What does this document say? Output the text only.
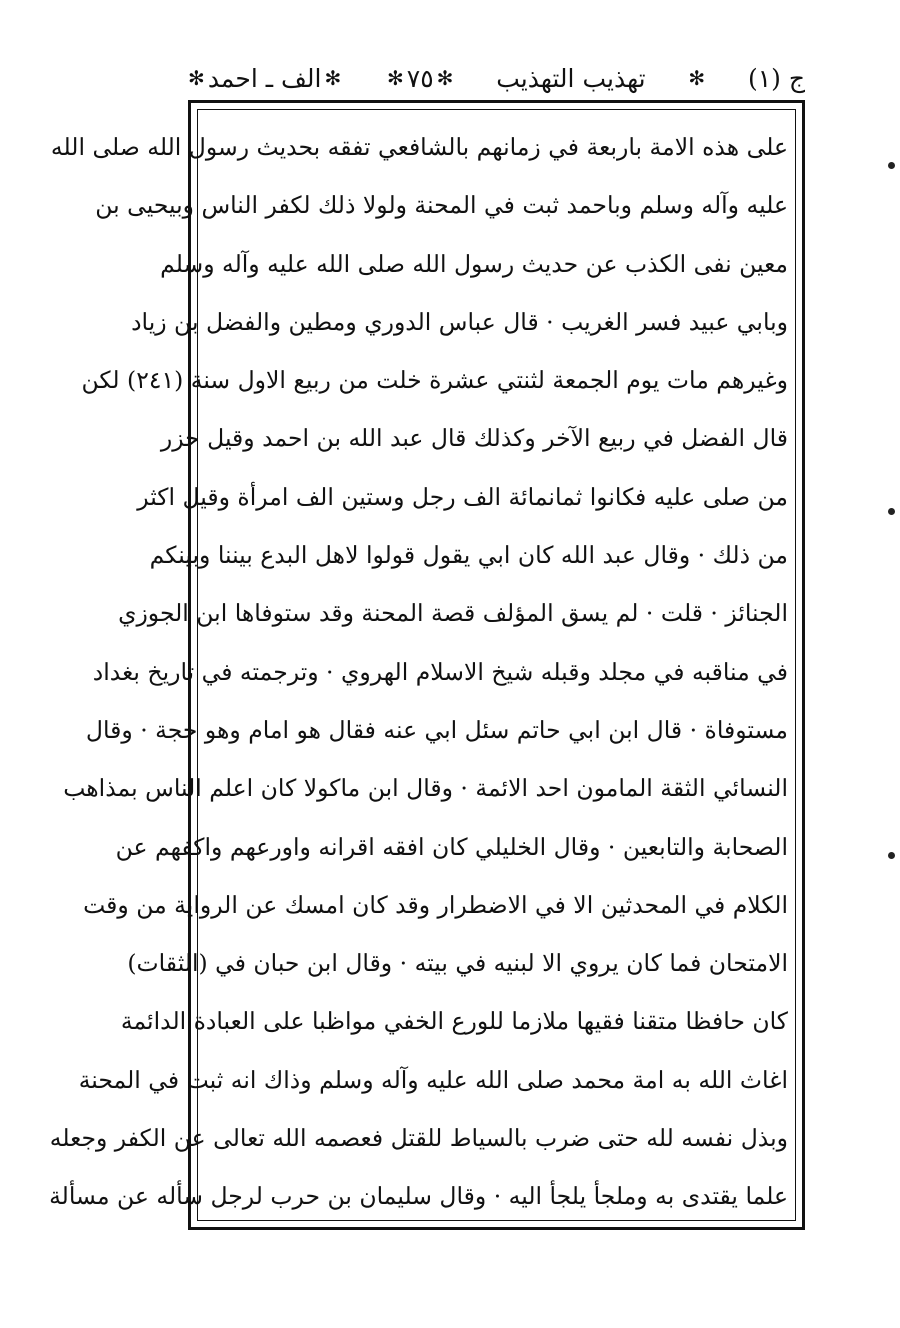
ج (١)
✻
تهذيب التهذيب
✻
٧٥
✻
✻
الف ـ احمد
✻
على هذه الامة باربعة في زمانهم بالشافعي تفقه بحديث رسول الله صلى الله
عليه وآله وسلم وباحمد ثبت في المحنة ولولا ذلك لكفر الناس وبيحيى بن
معين نفى الكذب عن حديث رسول الله صلى الله عليه وآله وسلم
وبابي عبيد فسر الغريب · قال عباس الدوري ومطين والفضل بن زياد
وغيرهم مات يوم الجمعة لثنتي عشرة خلت من ربيع الاول سنة (٢٤١) لكن
قال الفضل في ربيع الآخر وكذلك قال عبد الله بن احمد وقيل حزر
من صلى عليه فكانوا ثمانمائة الف رجل وستين الف امرأة وقيل اكثر
من ذلك · وقال عبد الله كان ابي يقول قولوا لاهل البدع بيننا وبينكم
الجنائز · قلت · لم يسق المؤلف قصة المحنة وقد ستوفاها ابن الجوزي
في مناقبه في مجلد وقبله شيخ الاسلام الهروي · وترجمته في تاريخ بغداد
مستوفاة · قال ابن ابي حاتم سئل ابي عنه فقال هو امام وهو حجة · وقال
النسائي الثقة المامون احد الائمة · وقال ابن ماكولا كان اعلم الناس بمذاهب
الصحابة والتابعين · وقال الخليلي كان افقه اقرانه واورعهم واكفهم عن
الكلام في المحدثين الا في الاضطرار وقد كان امسك عن الرواية من وقت
الامتحان فما كان يروي الا لبنيه في بيته · وقال ابن حبان في (الثقات)
كان حافظا متقنا فقيها ملازما للورع الخفي مواظبا على العبادة الدائمة
اغاث الله به امة محمد صلى الله عليه وآله وسلم وذاك انه ثبت في المحنة
وبذل نفسه لله حتى ضرب بالسياط للقتل فعصمه الله تعالى عن الكفر وجعله
علما يقتدى به وملجأ يلجأ اليه · وقال سليمان بن حرب لرجل سأله عن مسألة
